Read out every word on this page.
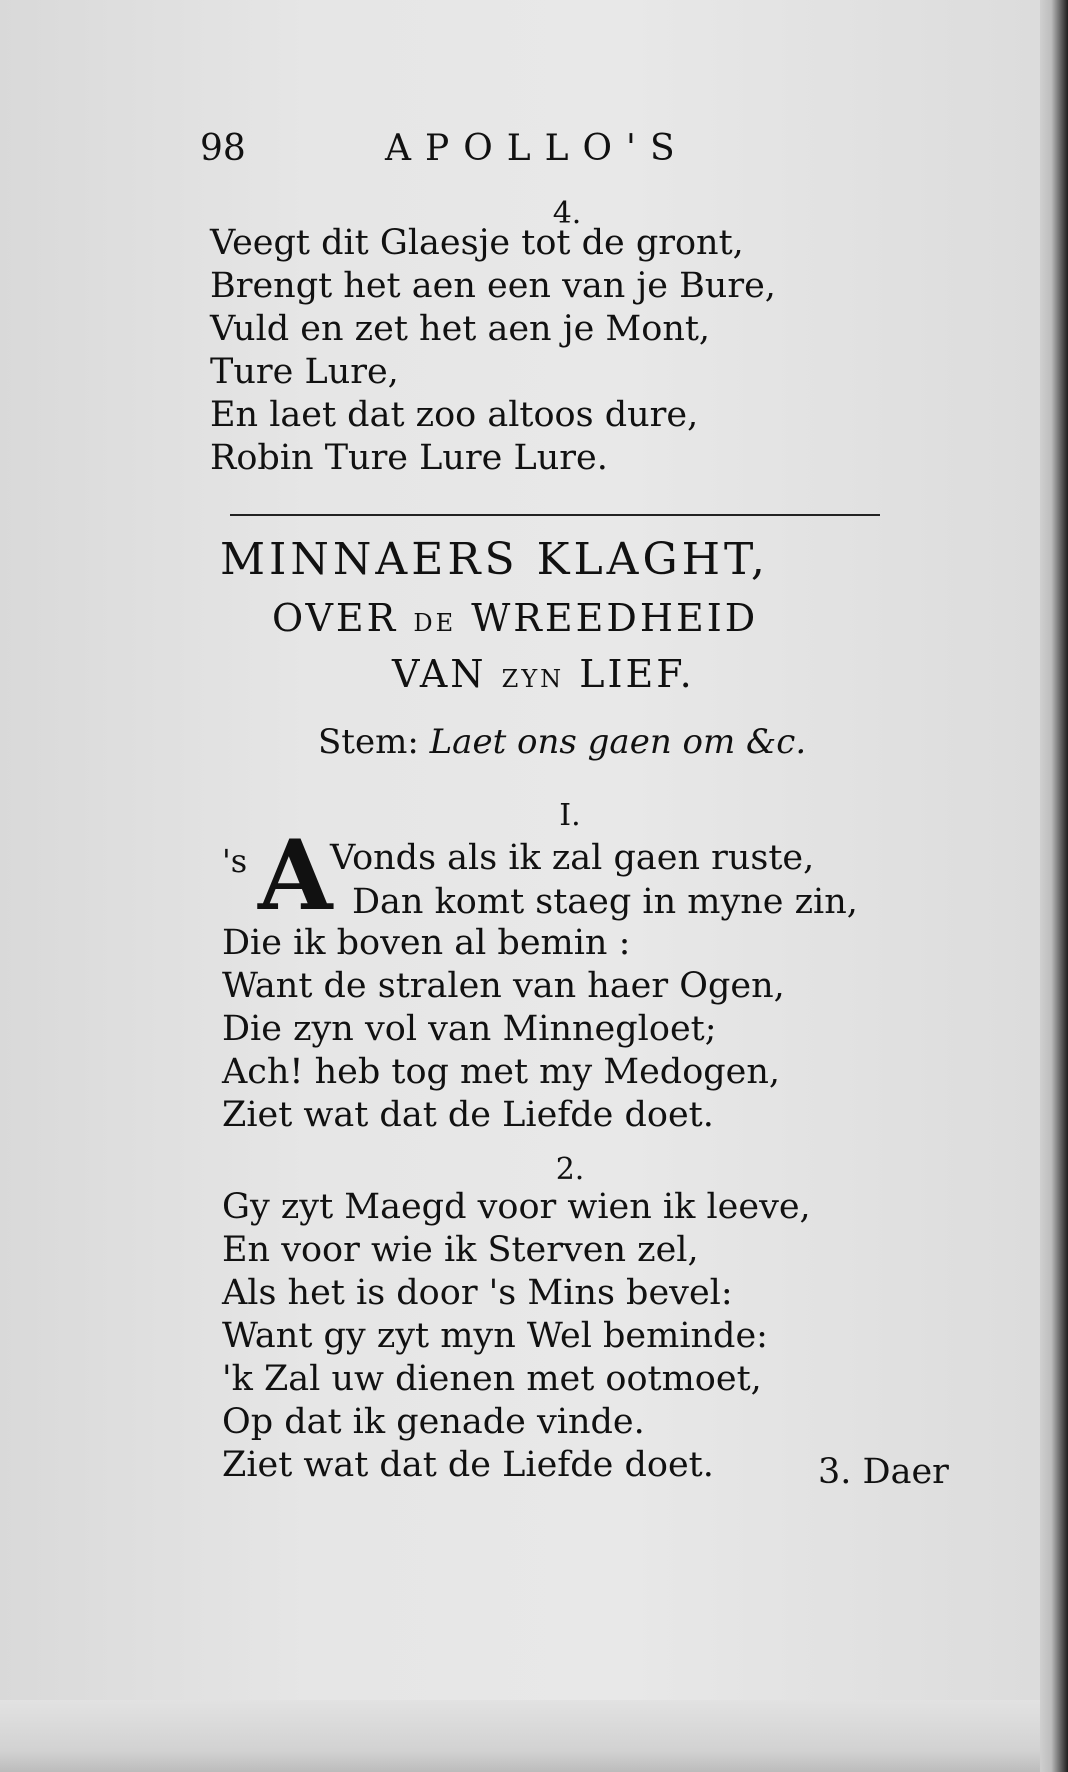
98	APOLLO'S
4.
Veegt dit Glaesje tot de gront,
Brengt het aen een van je Bure,
Vuld en zet het aen je Mont,
Ture Lure,
En laet dat zoo altoos dure,
Robin Ture Lure Lure.
MINNAERS KLAGHT,
OVER DE WREEDHEID
VAN ZYN LIEF.
Stem: Laet ons gaen om &c.
I.
's A
Vonds als ik zal gaen ruste,
Dan komt staeg in myne zin,
Die ik boven al bemin :
Want de stralen van haer Ogen,
Die zyn vol van Minnegloet;
Ach! heb tog met my Medogen,
Ziet wat dat de Liefde doet.
2.
Gy zyt Maegd voor wien ik leeve,
En voor wie ik Sterven zel,
Als het is door 's Mins bevel:
Want gy zyt myn Wel beminde:
'k Zal uw dienen met ootmoet,
Op dat ik genade vinde.
Ziet wat dat de Liefde doet.	3. Daer
